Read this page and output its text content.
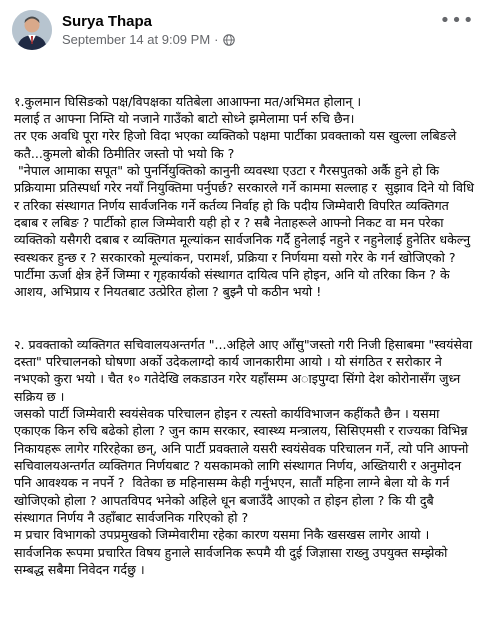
Surya Thapa
September 14 at 9:09 PM ·
•••

१.कुलमान घिसिङको पक्ष/विपक्षका यतिबेला आआफ्ना मत/अभिमत होलान् ।
मलाई त आफ्ना निम्ति यो नजाने गाउँको बाटो सोध्ने झमेलामा पर्न रुचि छैन।
तर एक अवधि पूरा गरेर हिजो विदा भएका व्यक्तिको पक्षमा पार्टीका प्रवक्ताको यस खुल्ला लबिङले कतै...कुमलो बोकी ठिमीतिर जस्तो पो भयो कि ?
"नेपाल आमाका सपूत" को पुनर्नियुक्तिको कानुनी व्यवस्था एउटा र गैरसपुतको अर्कै हुने हो कि प्रक्रियामा प्रतिस्पर्धा गरेर नयाँ नियुक्तिमा पर्नुपर्छ? सरकारले गर्ने काममा सल्लाह र  सुझाव दिने यो विधि र तरिका संस्थागत निर्णय सार्वजनिक गर्ने कर्तव्य निर्वाह हो कि पदीय जिम्मेवारी विपरित व्यक्तिगत दबाब र लबिङ ? पार्टीको हाल जिम्मेवारी यही हो र ? सबै नेताहरूले आफ्नो निकट वा मन परेका व्यक्तिको यसैगरी दबाब र व्यक्तिगत मूल्यांकन सार्वजनिक गर्दै हुनेलाई नहुने र नहुनेलाई हुनेतिर धकेल्नु स्वस्थकर हुन्छ र ? सरकारको मूल्यांकन, परामर्श, प्रक्रिया र निर्णयमा यसो गरेर के गर्न खोजिएको ? पार्टीमा ऊर्जा क्षेत्र हेर्ने जिम्मा र गृहकार्यको संस्थागत दायित्व पनि होइन, अनि यो तरिका किन ? के आशय, अभिप्राय र नियतबाट उत्प्रेरित होला ? बुझ्नै पो कठीन भयो !

२. प्रवक्ताको व्यक्तिगत सचिवालयअन्तर्गत "...अहिले आए आँसु"जस्तो गरी निजी हिसाबमा "स्वयंसेवा दस्ता" परिचालनको घोषणा अर्को उदेकलाग्दो कार्य जानकारीमा आयो । यो संगठित र सरोकार ने नभएको कुरा भयो । चैत १० गतेदेखि लकडाउन गरेर यहाँसम्म अाइपुग्दा सिंगो देश कोरोनासँग जुध्न सक्रिय छ ।
जसको पार्टी जिम्मेवारी स्वयंसेवक परिचालन होइन र त्यस्तो कार्यविभाजन कहींकतै छैन । यसमा एकाएक किन रुचि बढेको होला ? जुन काम सरकार, स्वास्थ्य मन्त्रालय, सिसिएमसी र राज्यका विभिन्न निकायहरू लागेर गरिरहेका छन्, अनि पार्टी प्रवक्ताले यसरी स्वयंसेवक परिचालन गर्ने, त्यो पनि आफ्नो सचिवालयअन्तर्गत व्यक्तिगत निर्णयबाट ? यसकामको लागि संस्थागत निर्णय, अख्तियारी र अनुमोदन पनि आवश्यक न नपर्ने ?  वितेका छ महिनासम्म केही गर्नुभएन, साताैं महिना लाग्ने बेला यो के गर्न खोजिएको होला ? आपतविपद भनेको अहिले धून बजाउँदै आएको त होइन होला ? कि यी दुबै संस्थागत निर्णय नै उहाँबाट सार्वजनिक गरिएको हो ?
म प्रचार विभागको उपप्रमुखको जिम्मेवारीमा रहेका कारण यसमा निकै खसखस लागेर आयो । सार्वजनिक रूपमा प्रचारित विषय हुनाले सार्वजनिक रूपमै यी दुई जिज्ञासा राख्नु उपयुक्त सम्झेको सम्बद्ध सबैमा निवेदन गर्दछु ।
